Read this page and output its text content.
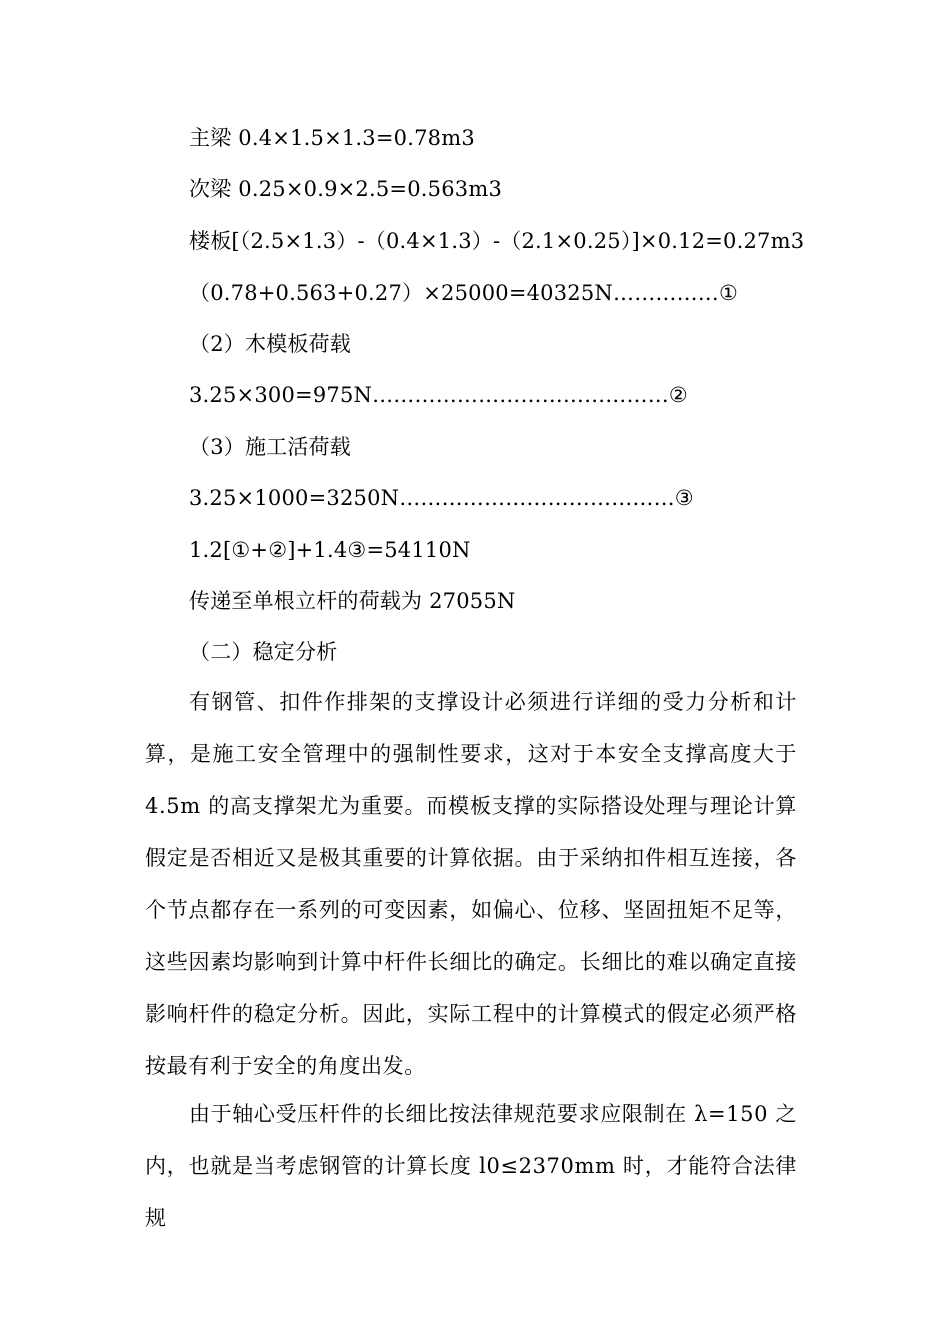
主梁 0.4×1.5×1.3=0.78m3
次梁 0.25×0.9×2.5=0.563m3
楼板[（2.5×1.3）-（0.4×1.3）-（2.1×0.25）]×0.12=0.27m3
（0.78+0.563+0.27）×25000=40325N……………①
（2）木模板荷载
3.25×300=975N……………………………………②
（3）施工活荷载
3.25×1000=3250N…………………………………③
1.2[①+②]+1.4③=54110N
传递至单根立杆的荷载为 27055N
（二）稳定分析

有钢管、扣件作排架的支撑设计必须进行详细的受力分析和计算，是施工安全管理中的强制性要求，这对于本安全支撑高度大于 4.5m 的高支撑架尤为重要。而模板支撑的实际搭设处理与理论计算假定是否相近又是极其重要的计算依据。由于采纳扣件相互连接，各个节点都存在一系列的可变因素，如偏心、位移、坚固扭矩不足等，这些因素均影响到计算中杆件长细比的确定。长细比的难以确定直接影响杆件的稳定分析。因此，实际工程中的计算模式的假定必须严格按最有利于安全的角度出发。

由于轴心受压杆件的长细比按法律规范要求应限制在 λ=150 之内，也就是当考虑钢管的计算长度 l0≤2370mm 时，才能符合法律规
